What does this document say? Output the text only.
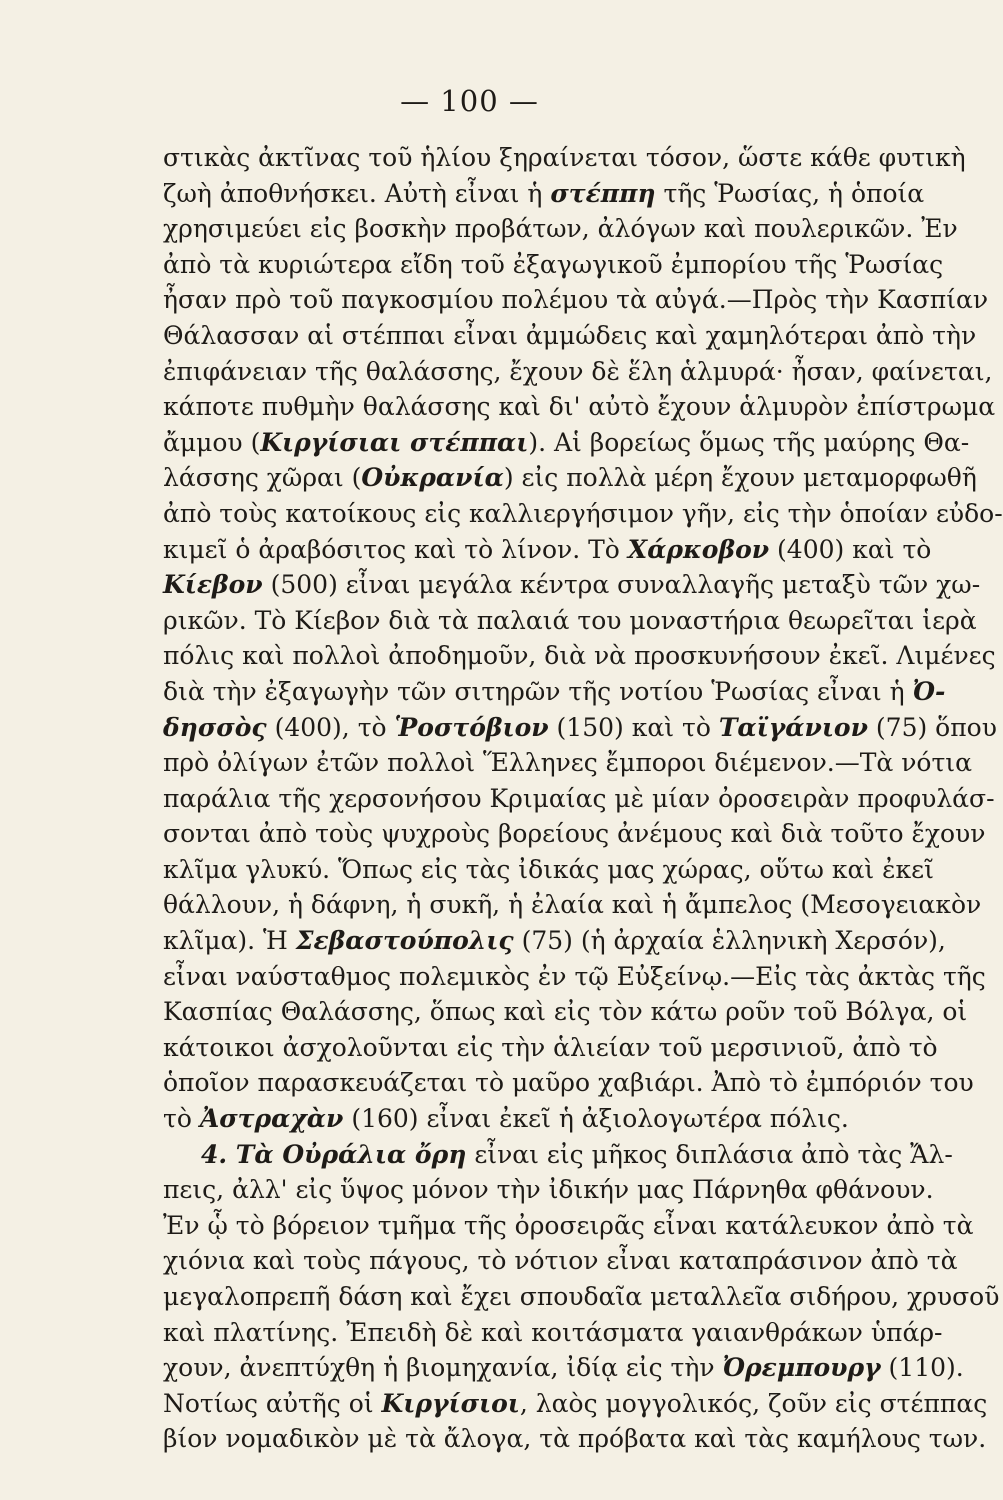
— 100 —
στικὰς ἀκτῖνας τοῦ ἡλίου ξηραίνεται τόσον, ὥστε κάθε φυτικὴ
ζωὴ ἀποθνήσκει. Αὐτὴ εἶναι ἡ στέππη τῆς Ῥωσίας, ἡ ὁποία
χρησιμεύει εἰς βοσκὴν προβάτων, ἀλόγων καὶ πουλερικῶν. Ἐν
ἀπὸ τὰ κυριώτερα εἴδη τοῦ ἐξαγωγικοῦ ἐμπορίου τῆς Ῥωσίας
ἦσαν πρὸ τοῦ παγκοσμίου πολέμου τὰ αὐγά.—Πρὸς τὴν Κασπίαν
Θάλασσαν αἱ στέππαι εἶναι ἀμμώδεις καὶ χαμηλότεραι ἀπὸ τὴν
ἐπιφάνειαν τῆς θαλάσσης, ἔχουν δὲ ἕλη ἁλμυρά· ἦσαν, φαίνεται,
κάποτε πυθμὴν θαλάσσης καὶ δι' αὐτὸ ἔχουν ἁλμυρὸν ἐπίστρωμα
ἄμμου (Κιργίσιαι στέππαι). Αἱ βορείως ὅμως τῆς μαύρης Θα-
λάσσης χῶραι (Οὐκρανία) εἰς πολλὰ μέρη ἔχουν μεταμορφωθῆ
ἀπὸ τοὺς κατοίκους εἰς καλλιεργήσιμον γῆν, εἰς τὴν ὁποίαν εὐδο-
κιμεῖ ὁ ἀραβόσιτος καὶ τὸ λίνον. Τὸ Χάρκοβον (400) καὶ τὸ
Κίεβον (500) εἶναι μεγάλα κέντρα συναλλαγῆς μεταξὺ τῶν χω-
ρικῶν. Τὸ Κίεβον διὰ τὰ παλαιά του μοναστήρια θεωρεῖται ἱερὰ
πόλις καὶ πολλοὶ ἀποδημοῦν, διὰ νὰ προσκυνήσουν ἐκεῖ. Λιμένες
διὰ τὴν ἐξαγωγὴν τῶν σιτηρῶν τῆς νοτίου Ῥωσίας εἶναι ἡ Ὀ-
δησσὸς (400), τὸ Ῥοστόβιον (150) καὶ τὸ Ταϊγάνιον (75) ὅπου
πρὸ ὀλίγων ἐτῶν πολλοὶ Ἕλληνες ἔμποροι διέμενον.—Τὰ νότια
παράλια τῆς χερσονήσου Κριμαίας μὲ μίαν ὀροσειρὰν προφυλάσ-
σονται ἀπὸ τοὺς ψυχροὺς βορείους ἀνέμους καὶ διὰ τοῦτο ἔχουν
κλῖμα γλυκύ. Ὅπως εἰς τὰς ἰδικάς μας χώρας, οὕτω καὶ ἐκεῖ
θάλλουν, ἡ δάφνη, ἡ συκῆ, ἡ ἐλαία καὶ ἡ ἄμπελος (Μεσογειακὸν
κλῖμα). Ἡ Σεβαστούπολις (75) (ἡ ἀρχαία ἑλληνικὴ Χερσόν),
εἶναι ναύσταθμος πολεμικὸς ἐν τῷ Εὐξείνῳ.—Εἰς τὰς ἀκτὰς τῆς
Κασπίας Θαλάσσης, ὅπως καὶ εἰς τὸν κάτω ροῦν τοῦ Βόλγα, οἱ
κάτοικοι ἀσχολοῦνται εἰς τὴν ἁλιείαν τοῦ μερσινιοῦ, ἀπὸ τὸ
ὁποῖον παρασκευάζεται τὸ μαῦρο χαβιάρι. Ἀπὸ τὸ ἐμπόριόν του
τὸ Ἀστραχὰν (160) εἶναι ἐκεῖ ἡ ἀξιολογωτέρα πόλις.
4. Τὰ Οὐράλια ὄρη εἶναι εἰς μῆκος διπλάσια ἀπὸ τὰς Ἄλ-
πεις, ἀλλ' εἰς ὕψος μόνον τὴν ἰδικήν μας Πάρνηθα φθάνουν.
Ἐν ᾧ τὸ βόρειον τμῆμα τῆς ὀροσειρᾶς εἶναι κατάλευκον ἀπὸ τὰ
χιόνια καὶ τοὺς πάγους, τὸ νότιον εἶναι καταπράσινον ἀπὸ τὰ
μεγαλοπρεπῆ δάση καὶ ἔχει σπουδαῖα μεταλλεῖα σιδήρου, χρυσοῦ
καὶ πλατίνης. Ἐπειδὴ δὲ καὶ κοιτάσματα γαιανθράκων ὑπάρ-
χουν, ἀνεπτύχθη ἡ βιομηχανία, ἰδίᾳ εἰς τὴν Ὀρεμπουργ (110).
Νοτίως αὐτῆς οἱ Κιργίσιοι, λαὸς μογγολικός, ζοῦν εἰς στέππας
βίον νομαδικὸν μὲ τὰ ἄλογα, τὰ πρόβατα καὶ τὰς καμήλους των.
